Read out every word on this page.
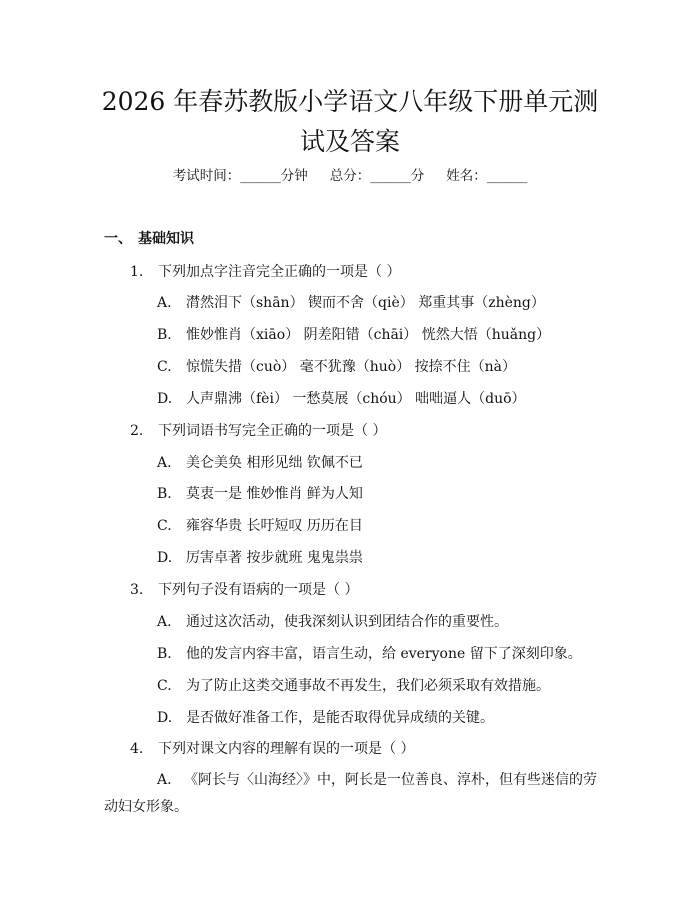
2026 年春苏教版小学语文八年级下册单元测
试及答案
考试时间：______分钟 总分：______分 姓名：______
一、 基础知识
1. 下列加点字注音完全正确的一项是（ ）
A. 潸然泪下（shān） 锲而不舍（qiè） 郑重其事（zhèng）
B. 惟妙惟肖（xiāo） 阴差阳错（chāi） 恍然大悟（huǎng）
C. 惊慌失措（cuò） 毫不犹豫（huò） 按捺不住（nà）
D. 人声鼎沸（fèi） 一愁莫展（chóu） 咄咄逼人（duō）
2. 下列词语书写完全正确的一项是（ ）
A. 美仑美奂 相形见绌 钦佩不已
B. 莫衷一是 惟妙惟肖 鲜为人知
C. 雍容华贵 长吁短叹 历历在目
D. 厉害卓著 按步就班 鬼鬼祟祟
3. 下列句子没有语病的一项是（ ）
A. 通过这次活动，使我深刻认识到团结合作的重要性。
B. 他的发言内容丰富，语言生动，给 everyone 留下了深刻印象。
C. 为了防止这类交通事故不再发生，我们必须采取有效措施。
D. 是否做好准备工作，是能否取得优异成绩的关键。
4. 下列对课文内容的理解有误的一项是（ ）
A. 《阿长与〈山海经〉》中，阿长是一位善良、淳朴，但有些迷信的劳动妇女形象。
